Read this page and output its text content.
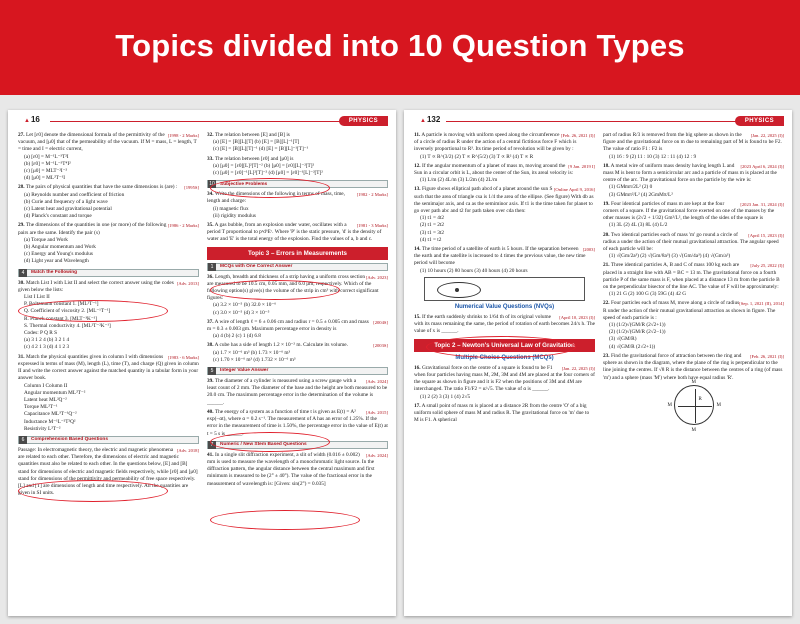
Topics divided into 10 Question Types
▲16	PHYSICS
[1998 - 2 Marks]
27. Let [ε0] denote the dimensional formula of the permittivity of the vacuum, and [μ0] that of the permeability of the vacuum. If M = mass, L = length, T = time and I = electric current,
(a) [ε0] = M⁻¹L⁻³T²I
(b) [ε0] = M⁻¹L⁻³T⁴I²
(c) [μ0] = MLT⁻²I⁻²
(d) [μ0] = ML²T⁻¹I
[1995S]
28. The pairs of physical quantities that have the same dimensions is (are) :
(a) Reynolds number and coefficient of friction
(b) Curie and frequency of a light wave
(c) Latent heat and gravitational potential
(d) Planck's constant and torque
[1986 - 2 Marks]
29. The dimensions of the quantities in one (or more) of the following pairs are the same. Identify the pair (s)
(a) Torque and Work
(b) Angular momentum and Work
(c) Energy and Young's modulus
(d) Light year and Wavelength
4	Match the Following
[Adv. 2013]
30. Match List I with List II and select the correct answer using the codes given below the lists:
List I List II
P. Boltzmann constant 1. [ML²T⁻¹]
Q. Coefficient of viscosity 2. [ML⁻¹T⁻¹]
R. Planck constant 3. [MLT⁻³K⁻¹]
S. Thermal conductivity 4. [ML²T⁻²K⁻¹]
Codes: P Q R S
(a) 3 1 2 4 (b) 3 2 1 4
(c) 4 2 1 3 (d) 4 1 2 3
[1983 - 6 Marks]
31. Match the physical quantities given in column I with dimensions expressed in terms of mass (M), length (L), time (T), and charge (Q) given in column II and write the correct answer against the matched quantity in a tabular form in your answer book.
Column I Column II
Angular momentum ML²T⁻²
Latent heat ML²Q⁻²
Torque ML²T⁻¹
Capacitance ML³T⁻¹Q⁻²
Inductance M⁻¹L⁻²T²Q²
Resistivity L²T⁻²
6	Comprehension Based Questions
[Adv. 2018]
Passage: In electromagnetic theory, the electric and magnetic phenomena are related to each other. Therefore, the dimensions of electric and magnetic quantities must also be related to each other. In the questions below, [E] and [B] stand for dimensions of electric and magnetic fields respectively, while [ε0] and [μ0] stand for dimensions of the permittivity and permeability of free space respectively. [L] and [T] are dimensions of length and time respectively. All the quantities are given in SI units.
32. The relation between [E] and [B] is
(a) [E] = [B][L][T] (b) [E] = [B][L]⁻¹[T]
(c) [E] = [B][L][T]⁻¹ (d) [E] = [B][L]⁻¹[T]⁻¹
33. The relation between [ε0] and [μ0] is
(a) [μ0] = [ε0][L]²[T]⁻² (b) [μ0] = [ε0][L]⁻²[T]²
(c) [μ0] = [ε0]⁻¹[L]²[T]⁻² (d) [μ0] = [ε0]⁻¹[L]⁻²[T]²
10 Subjective Problems
[1982 - 2 Marks]
34. Write the dimensions of the following in terms of mass, time, length and charge:
(i) magnetic flux
(ii) rigidity modulus
[1981 - 3 Marks]
35. A gas bubble, from an explosion under water, oscillates with a period T proportional to pᵃdᵇEᶜ. Where 'P' is the static pressure, 'd' is the density of water and 'E' is the total energy of the explosion. Find the values of a, b and c.
Topic 3 – Errors in Measurements
1	MCQs with One Correct Answer
[Adv. 2023]
36. Length, breadth and thickness of a strip having a uniform cross section are measured to be 10.5 cm, 0.05 mm, and 6.0 μm, respectively. Which of the following option(s) give(s) the volume of the strip in cm³ with correct significant figures:
(a) 3.2 × 10⁻⁵ (b) 32.0 × 10⁻⁶
(c) 3.0 × 10⁻⁵ (d) 3 × 10⁻⁵
[2004S]
37. A wire of length ℓ = 6 ± 0.06 cm and radius r = 0.5 ± 0.005 cm and mass m = 0.3 ± 0.003 gm. Maximum percentage error in density is
(a) 4 (b) 2 (c) 1 (d) 6.8
[2003S]
38. A cube has a side of length 1.2 × 10⁻² m. Calculate its volume.
(a) 1.7 × 10⁻⁶ m³ (b) 1.73 × 10⁻⁶ m³
(c) 1.70 × 10⁻⁶ m³ (d) 1.732 × 10⁻⁶ m³
5	Integer Value Answer
[Adv. 2024]
39. The diameter of a cylinder is measured using a screw gauge with a least count of 2 mm. The diameter of the base and the height are both measured to be 20.0 cm. The maximum percentage error in the determination of the volume is ______.
[Adv. 2015]
40. The energy of a system as a function of time t is given as E(t) = A² exp(−αt), where α = 0.2 s⁻¹. The measurement of A has an error of 1.25%. If the error in the measurement of time is 1.50%, the percentage error in the value of E(t) at t = 5 s is ______.
7	Numeric / New Stem Based Questions
[Adv. 2024]
41. In a single slit diffraction experiment, a slit of width (0.016 ± 0.002) mm is used to measure the wavelength of a monochromatic light source. In the diffraction pattern, the angular distance between the central maximum and first minimum is measured to be (2° ± 40°). The value of the fractional error in the measurement of wavelength is: [Given: sin(2°) = 0.035]
▲132	PHYSICS
[Feb. 26, 2021 (I)]
11. A particle is moving with uniform speed along the circumference of a circle of radius R under the action of a central fictitious force F which is inversely proportional to R³. Its time period of revolution will be given by :
(1) T ∝ R^(3/2) (2) T ∝ R^(5/2) (3) T ∝ R² (4) T ∝ R
[9 Jan. 2019 I]
12. If the angular momentum of a planet of mass m, moving around the Sun in a circular orbit is L, about the center of the Sun, its areal velocity is:
(1) L/m (2) 4L/m (3) L/2m (4) 2L/m
[Online April 9, 2016]
13. Figure shows elliptical path abcd of a planet around the sun S such that the area of triangle csa is 1/4 the area of the ellipse. (See figure) With db as the semimajor axis, and ca as the semiminor axis. If t1 is the time taken for planet to go over path abc and t2 for path taken over cda then:
(1) t1 = 4t2
(2) t1 = 2t2
(3) t1 = 3t2
(4) t1 = t2
[2003]
14. The time period of a satellite of earth is 5 hours. If the separation between the earth and the satellite is increased to 4 times the previous value, the new time period will become
(1) 10 hours (2) 80 hours (3) 40 hours (4) 20 hours
Numerical Value Questions (NVQs)
[April 10, 2023 (I)]
15. If the earth suddenly shrinks to 1/64 th of its original volume with its mass remaining the same, the period of rotation of earth becomes 24/x h. The value of x is ______.
Topic 2 – Newton's Universal Law of Gravitation
Multiple Choice Questions (MCQs)
[Jan. 22, 2025 (I)]
16. Gravitational force on the centre of a square is found to be F1 when four particles having mass M, 2M, 3M and 4M are placed at the four corners of the square as shown in figure and it is F2 when the positions of 3M and 4M are interchanged. The ratio F1/F2 = α/√5. The value of α is ______.
(1) 2 (2) 3 (3) 1 (4) 2√5
17. A small point of mass m is placed at a distance 2R from the centre 'O' of a big uniform solid sphere of mass M and radius R. The gravitational force on 'm' due to M is F1. A spherical
[Jan. 22, 2025 (I)]
part of radius R/3 is removed from the big sphere as shown in the figure and the gravitational force on m due to remaining part of M is found to be F2. The value of ratio F1 : F2 is
(1) 16 : 9 (2) 11 : 10 (3) 12 : 11 (4) 12 : 9
[2023 April 6, 2024 (I)]
18. A metal wire of uniform mass density having length L and mass M is bent to form a semicircular arc and a particle of mass m is placed at the centre of the arc. The gravitational force on the particle by the wire is:
(1) GMmπ/2L² (2) 0
(3) GMmπ²/L² (4) 2GmMπ/L²
[2023 Jan. 31, 2024 (I)]
19. Four identical particles of mass m are kept at the four corners of a square. If the gravitational force exerted on one of the masses by the other masses is (2√2 + 1/32) Gm²/L², the length of the sides of the square is
(1) 3L (2) 4L (3) 8L (4) L/2
[April 15, 2023 (I)]
20. Two identical particles each of mass 'm' go round a circle of radius a under the action of their mutual gravitational attraction. The angular speed of each particle will be:
(1) √(Gm/2a³) (2) √(Gm/8a³) (3) √(Gm/4a³) (4) √(Gm/a³)
[July 25, 2022 (I)]
21. Three identical particles A, B and C of mass 100 kg each are placed in a straight line with AB = BC = 13 m. The gravitational force on a fourth particle P of the same mass is F, when placed at a distance 13 m from the particle B on the perpendicular bisector of the line AC. The value of F will be approximately:
(1) 21 G (2) 100 G (3) 59G (4) 42 G
[Sep. 1, 2021 (II), 2014]
22. Four particles each of mass M, move along a circle of radius R under the action of their mutual gravitational attraction as shown in figure. The speed of each particle is :
(1) (1/2)√(GM/R (2√2+1))
(2) (1/2)√(GM/R (2√2−1))
(3) √(GM/R)
(4) √(GM/R (2√2+1))
[Feb. 26, 2021 (I)]
23. Find the gravitational force of attraction between the ring and sphere as shown in the diagram, where the plane of the ring is perpendicular to the line joining the centres. If √8 R is the distance between the centres of a ring (of mass 'm') and a sphere (mass 'M') where both have equal radius 'R'.
M
M
M
M
R
